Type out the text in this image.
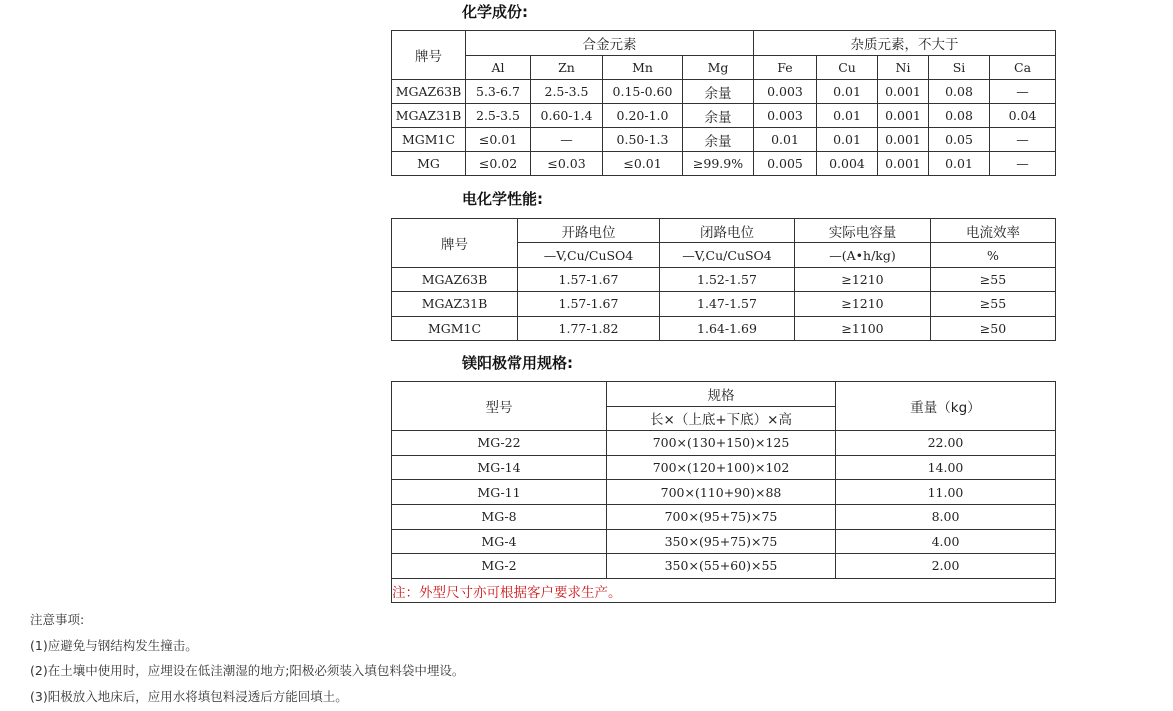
化学成份:
牌号	合金元素				杂质元素，不大于				
	Al	Zn	Mn	Mg	Fe	Cu	Ni	Si	Ca
MGAZ63B	5.3-6.7	2.5-3.5	0.15-0.60	余量	0.003	0.01	0.001	0.08	—
MGAZ31B	2.5-3.5	0.60-1.4	0.20-1.0	余量	0.003	0.01	0.001	0.08	0.04
MGM1C	≤0.01	—	0.50-1.3	余量	0.01	0.01	0.001	0.05	—
MG	≤0.02	≤0.03	≤0.01	≥99.9%	0.005	0.004	0.001	0.01	—
电化学性能:
牌号	开路电位	闭路电位	实际电容量	电流效率
	—V,Cu/CuSO4	—V,Cu/CuSO4	—(A•h/kg)	%
MGAZ63B	1.57-1.67	1.52-1.57	≥1210	≥55
MGAZ31B	1.57-1.67	1.47-1.57	≥1210	≥55
MGM1C	1.77-1.82	1.64-1.69	≥1100	≥50
镁阳极常用规格:
型号	规格	重量（kg）
	长×（上底+下底）×高	
MG-22	700×(130+150)×125	22.00
MG-14	700×(120+100)×102	14.00
MG-11	700×(110+90)×88	11.00
MG-8	700×(95+75)×75	8.00
MG-4	350×(95+75)×75	4.00
MG-2	350×(55+60)×55	2.00
注：外型尺寸亦可根据客户要求生产。		
注意事项:
(1)应避免与钢结构发生撞击。
(2)在土壤中使用时，应埋设在低洼潮湿的地方;阳极必须装入填包料袋中埋设。
(3)阳极放入地床后，应用水将填包料浸透后方能回填土。
